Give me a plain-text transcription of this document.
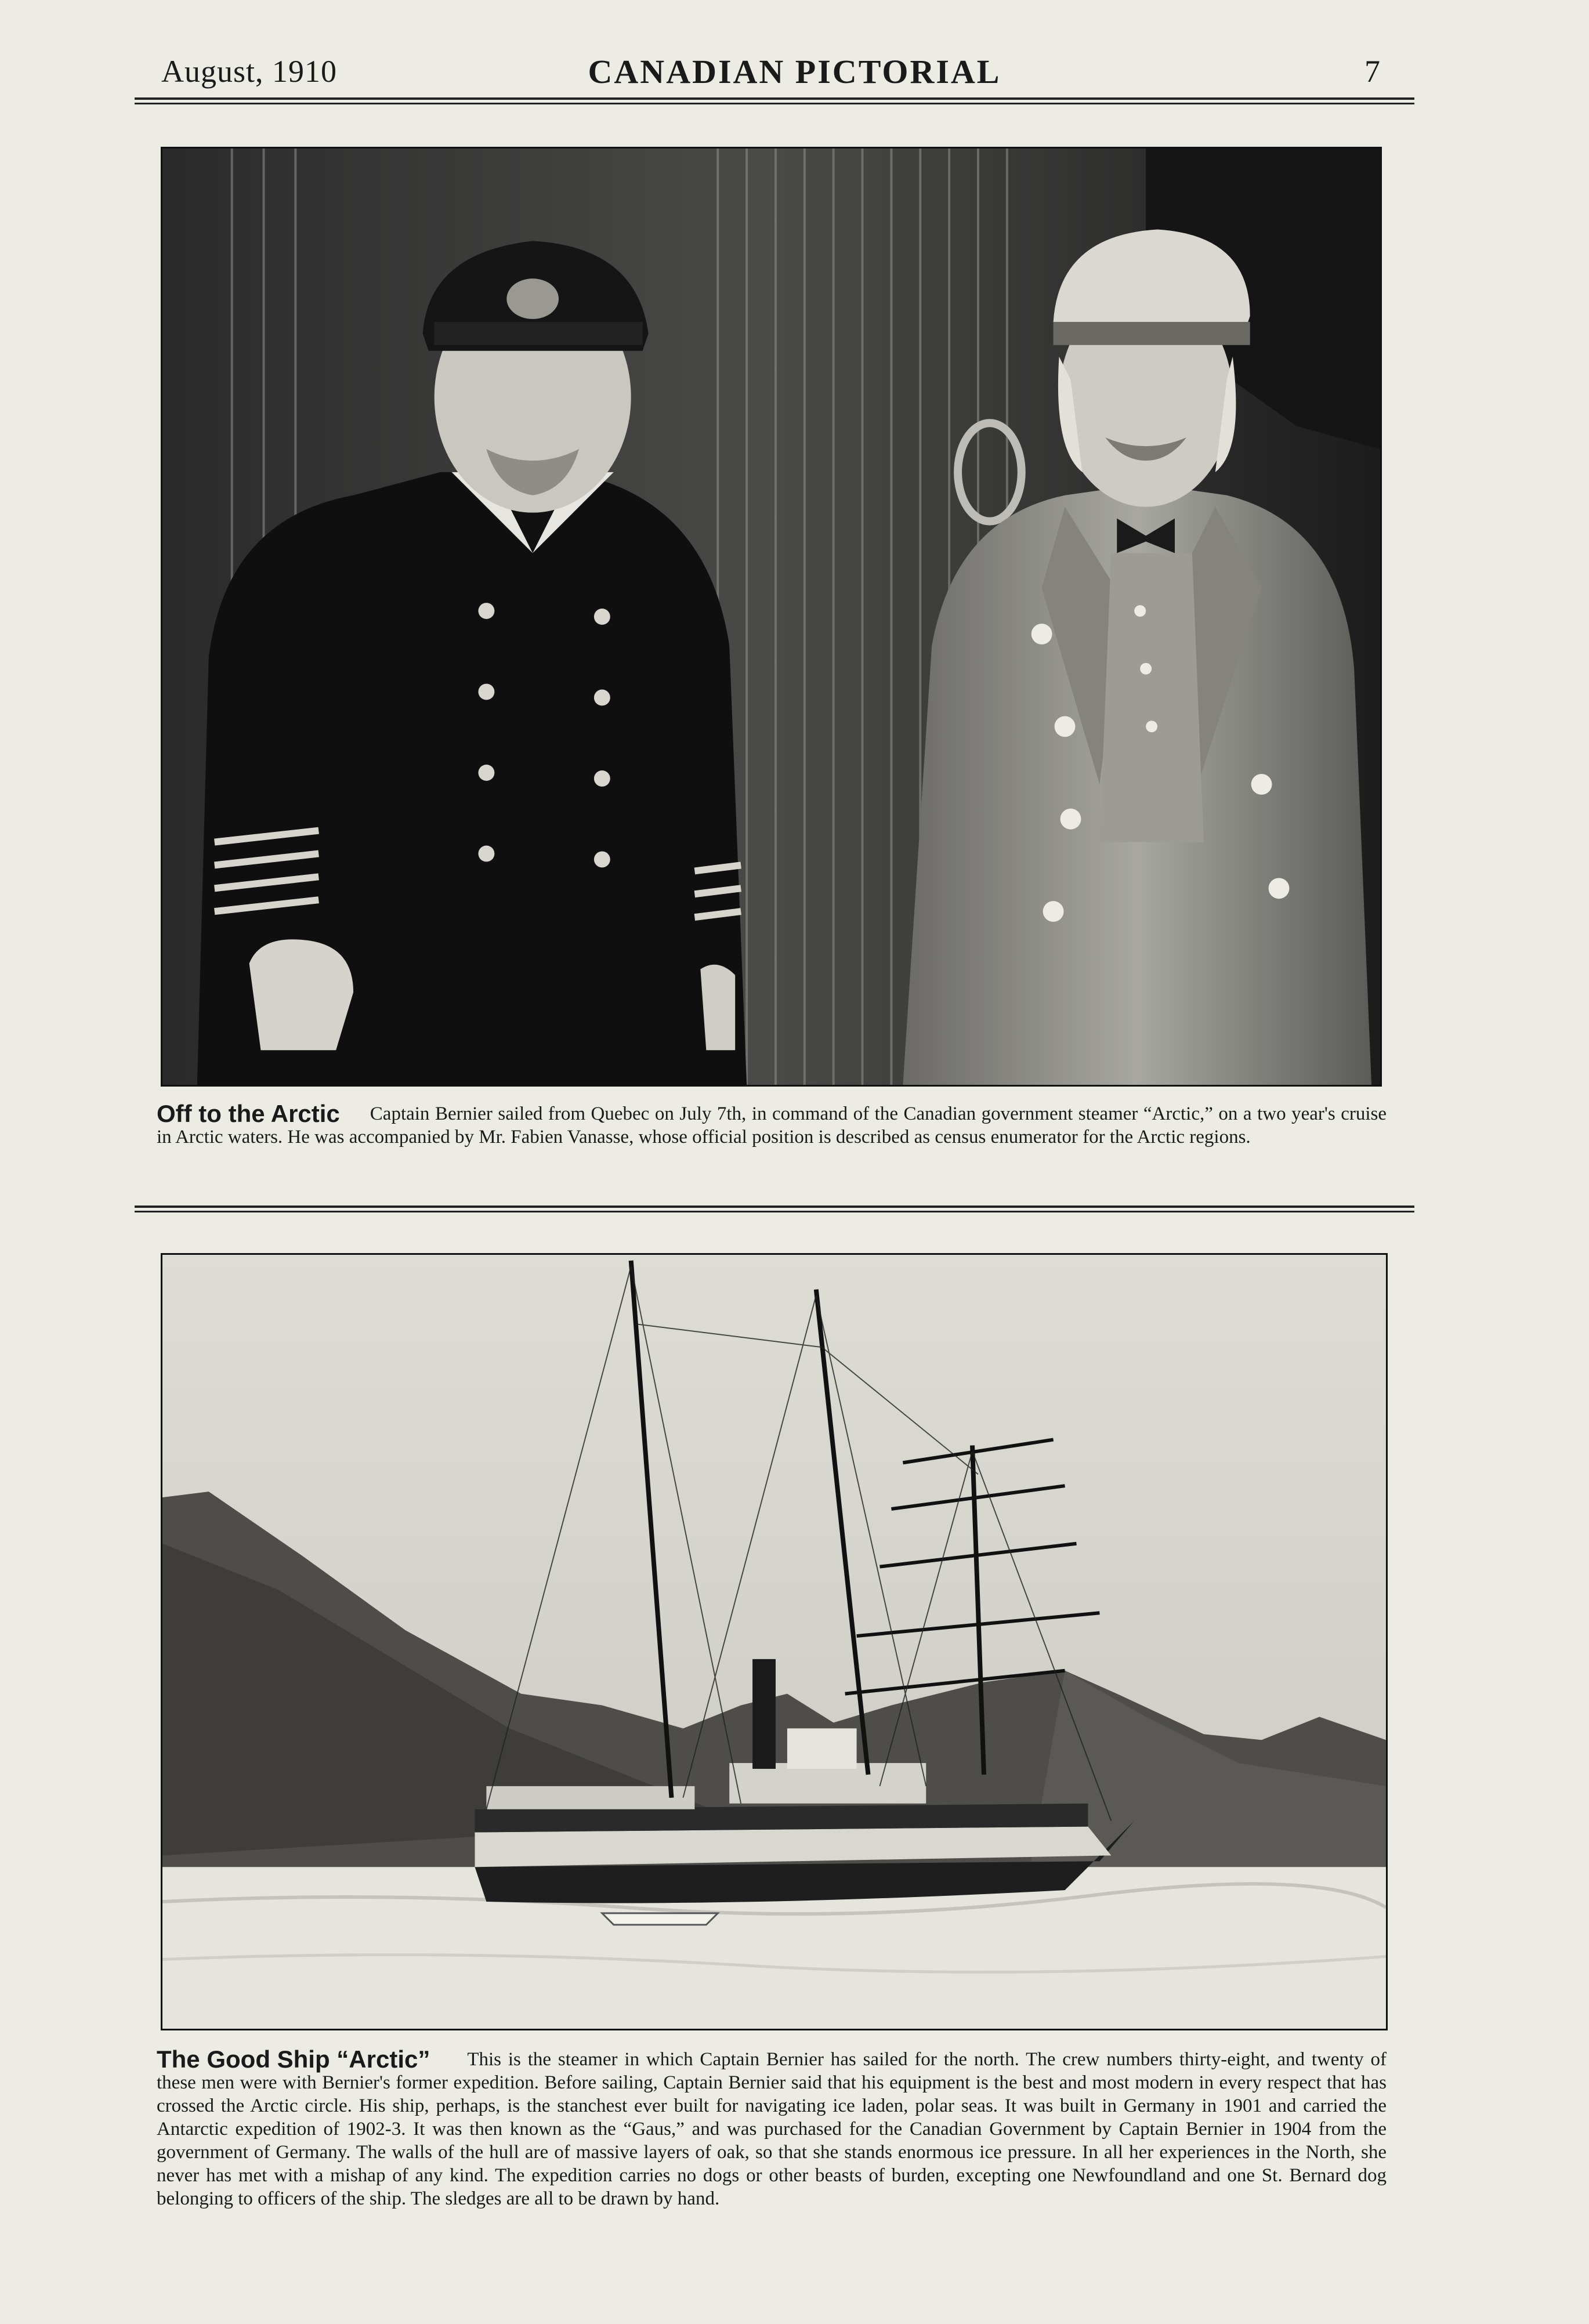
August, 1910	CANADIAN PICTORIAL	7
Off to the Arctic Captain Bernier sailed from Quebec on July 7th, in command of the Canadian government steamer “Arctic,” on a two year's cruise in Arctic waters. He was accompanied by Mr. Fabien Vanasse, whose official position is described as census enumerator for the Arctic regions.
The Good Ship “Arctic” This is the steamer in which Captain Bernier has sailed for the north. The crew numbers thirty-eight, and twenty of these men were with Bernier's former expedition. Before sailing, Captain Bernier said that his equipment is the best and most modern in every respect that has crossed the Arctic circle. His ship, perhaps, is the stanchest ever built for navigating ice laden, polar seas. It was built in Germany in 1901 and carried the Antarctic expedition of 1902-3. It was then known as the “Gaus,” and was purchased for the Canadian Government by Captain Bernier in 1904 from the government of Germany. The walls of the hull are of massive layers of oak, so that she stands enormous ice pressure. In all her experiences in the North, she never has met with a mishap of any kind. The expedition carries no dogs or other beasts of burden, excepting one Newfoundland and one St. Bernard dog belonging to officers of the ship. The sledges are all to be drawn by hand.
